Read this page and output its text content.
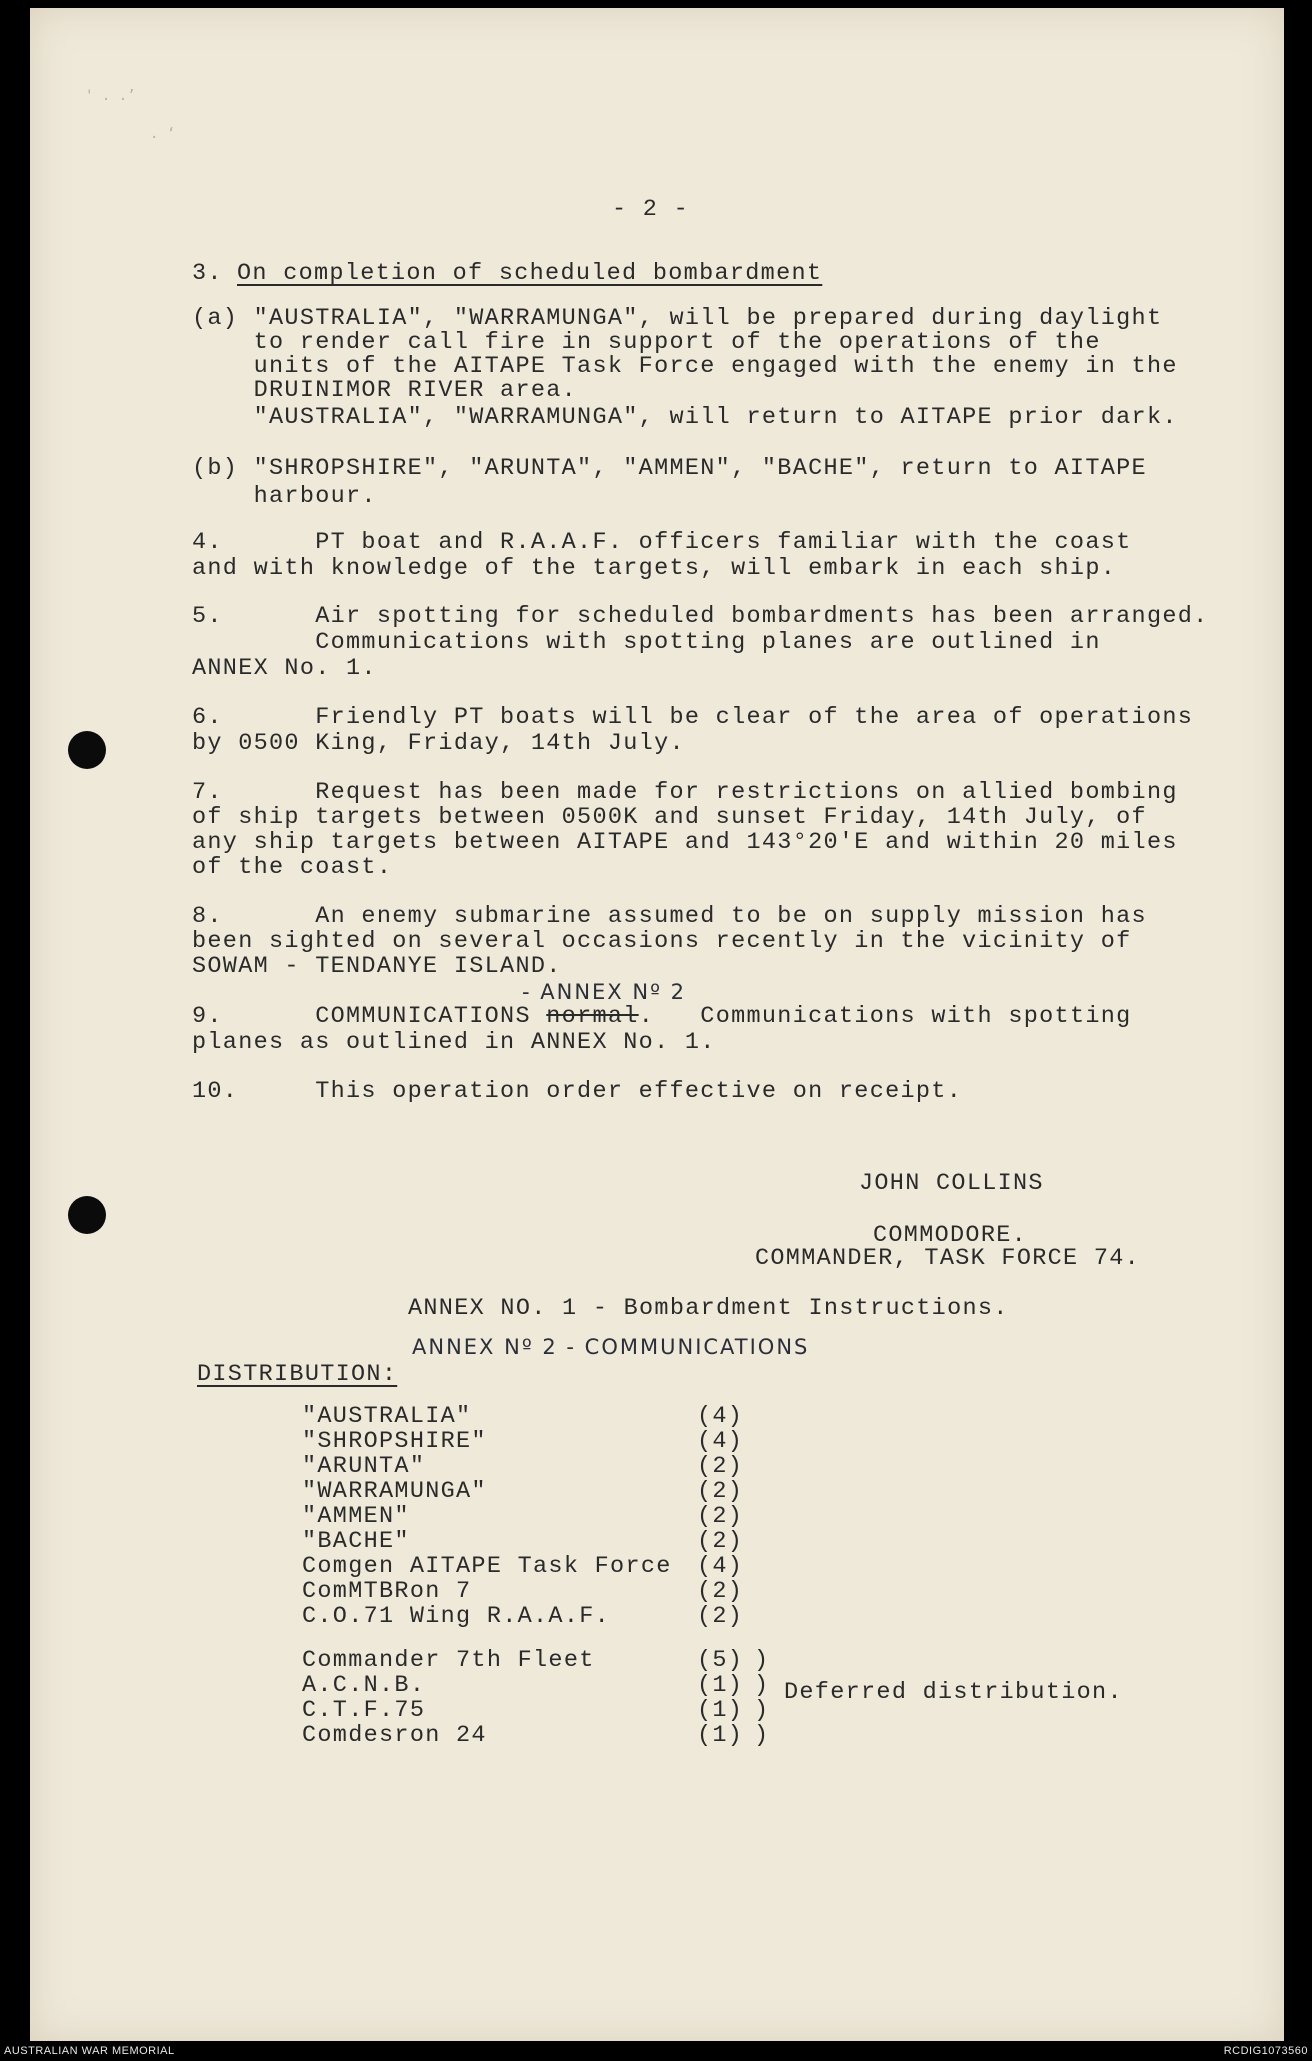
' . .’
. ‘
- 2 -
3. On completion of scheduled bombardment
(a) "AUSTRALIA", "WARRAMUNGA", will be prepared during daylight
to render call fire in support of the operations of the
units of the AITAPE Task Force engaged with the enemy in the
DRUINIMOR RIVER area.
"AUSTRALIA", "WARRAMUNGA", will return to AITAPE prior dark.
(b) "SHROPSHIRE", "ARUNTA", "AMMEN", "BACHE", return to AITAPE
harbour.
4.      PT boat and R.A.A.F. officers familiar with the coast
and with knowledge of the targets, will embark in each ship.
5.      Air spotting for scheduled bombardments has been arranged.
Communications with spotting planes are outlined in
ANNEX No. 1.
6.      Friendly PT boats will be clear of the area of operations
by 0500 King, Friday, 14th July.
7.      Request has been made for restrictions on allied bombing
of ship targets between 0500K and sunset Friday, 14th July, of
any ship targets between AITAPE and 143°20'E and within 20 miles
of the coast.
8.      An enemy submarine assumed to be on supply mission has
been sighted on several occasions recently in the vicinity of
SOWAM - TENDANYE ISLAND.
- ANNEX Nº 2
9.      COMMUNICATIONS normal.   Communications with spotting
planes as outlined in ANNEX No. 1.
10.     This operation order effective on receipt.
JOHN COLLINS
COMMODORE.
COMMANDER, TASK FORCE 74.
ANNEX NO. 1 - Bombardment Instructions.
ANNEX Nº 2 - COMMUNICATIONS
DISTRIBUTION:
"AUSTRALIA"	(4)
"SHROPSHIRE"	(4)
"ARUNTA"	(2)
"WARRAMUNGA"	(2)
"AMMEN"	(2)
"BACHE"	(2)
Comgen AITAPE Task Force (4)
ComMTBRon 7	(2)
C.O.71 Wing R.A.A.F.	(2)
Commander 7th Fleet	(5)
A.C.N.B.	(1)
C.T.F.75	(1)
Comdesron 24	(1)
)
)
)
)
Deferred distribution.
AUSTRALIAN WAR MEMORIAL	RCDIG1073560
